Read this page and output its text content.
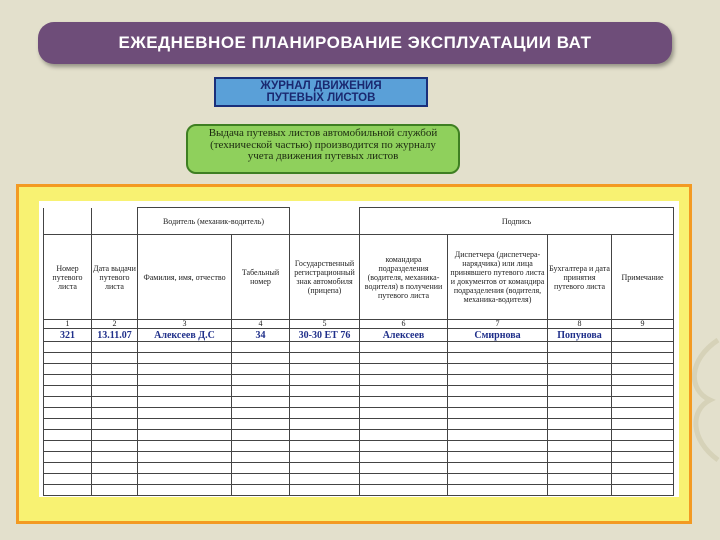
ЕЖЕДНЕВНОЕ ПЛАНИРОВАНИЕ ЭКСПЛУАТАЦИИ ВАТ
ЖУРНАЛ ДВИЖЕНИЯ
ПУТЕВЫХ ЛИСТОВ
Выдача путевых листов автомобильной службой (технической частью) производится по журналу учета движения путевых листов
		Водитель (механик-водитель)			Подпись			
Номер путевого листа	Дата выдачи путевого листа	Фамилия, имя, отчество	Табельный номер	Государственный регистрационный знак автомобиля (прицепа)	командира подразделения (водителя, механика-водителя) в получении путевого листа	Диспетчера (диспетчера-нарядчика) или лица принявшего путевого листа и документов от командира подразделения (водителя, механика-водителя)	Бухгалтера и дата принятия путевого листа	Примечание
1	2	3	4	5	6	7	8	9
321	13.11.07	Алексеев Д.С	34	30-30 ЕТ 76	Алексеев	Смирнова	Попунова	
